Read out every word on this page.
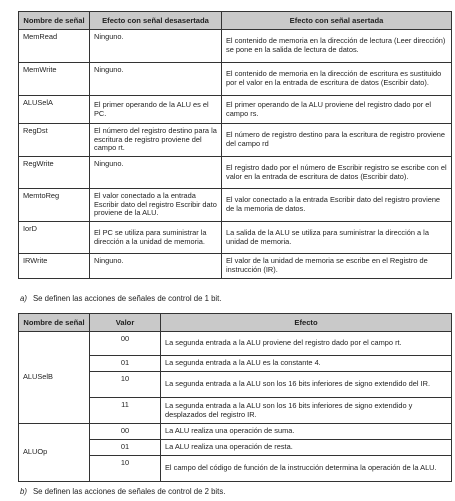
Nombre de señal	Efecto con señal desasertada	Efecto con señal asertada
MemRead	Ninguno.	El contenido de memoria en la dirección de lectura (Leer dirección) se pone en la salida de lectura de datos.
MemWrite	Ninguno.	El contenido de memoria en la dirección de escritura es sustituido por el valor en la entrada de escritura de datos (Escribir dato).
ALUSelA	El primer operando de la ALU es el PC.	El primer operando de la ALU proviene del registro dado por el campo rs.
RegDst	El número del registro destino para la escritura de registro proviene del campo rt.	El número de registro destino para la escritura de registro proviene del campo rd
RegWrite	Ninguno.	El registro dado por el número de Escribir registro se escribe con el valor en la entrada de escritura de datos (Escribir dato).
MemtoReg	El valor conectado a la entrada Escribir dato del registro Escribir dato proviene de la ALU.	El valor conectado a la entrada Escribir dato del registro proviene de la memoria de datos.
IorD	El PC se utiliza para suministrar la dirección a la unidad de memoria.	La salida de la ALU se utiliza para suministrar la dirección a la unidad de memoria.
IRWrite	Ninguno.	El valor de la unidad de memoria se escribe en el Registro de instrucción (IR).
a) Se definen las acciones de señales de control de 1 bit.
Nombre de señal	Valor	Efecto
ALUSelB	00	La segunda entrada a la ALU proviene del registro dado por el campo rt.
	01	La segunda entrada a la ALU es la constante 4.
	10	La segunda entrada a la ALU son los 16 bits inferiores de signo extendido del IR.
	11	La segunda entrada a la ALU son los 16 bits inferiores de signo extendido y desplazados del registro IR.
ALUOp	00	La ALU realiza una operación de suma.
	01	La ALU realiza una operación de resta.
	10	El campo del código de función de la instrucción determina la operación de la ALU.
b) Se definen las acciones de señales de control de 2 bits.
